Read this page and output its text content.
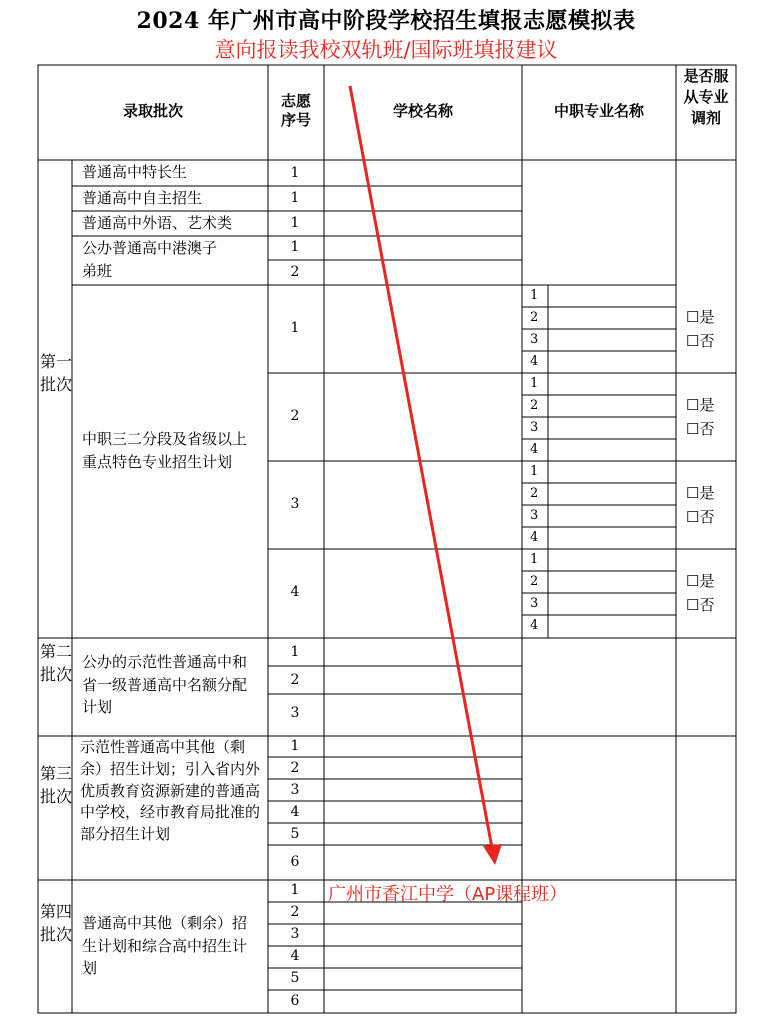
2024 年广州市高中阶段学校招生填报志愿模拟表
意向报读我校双轨班/国际班填报建议
录取批次
志愿序号	学校名称	中职专业名称
是否服从专业调剂
第一批次
第二批次
第三批次
第四批次
普通高中特长生
普通高中自主招生
普通高中外语、艺术类
公办普通高中港澳子
弟班
1
1
1
1
2
中职三二分段及省级以上重点特色专业招生计划
1
2
3
4
1
2
3
4
1
2
3
4
1
2
3
4
1
2
3
4
☐是
☐否
☐是
☐否
☐是
☐否
☐是
☐否
公办的示范性普通高中和省一级普通高中名额分配计划
1
2
3
示范性普通高中其他（剩余）招生计划；引入省内外优质教育资源新建的普通高中学校，经市教育局批准的部分招生计划
1
2
3
4
5
6
普通高中其他（剩余）招生计划和综合高中招生计划
1
2
3
4
5
6
广州市香江中学（AP课程班）
